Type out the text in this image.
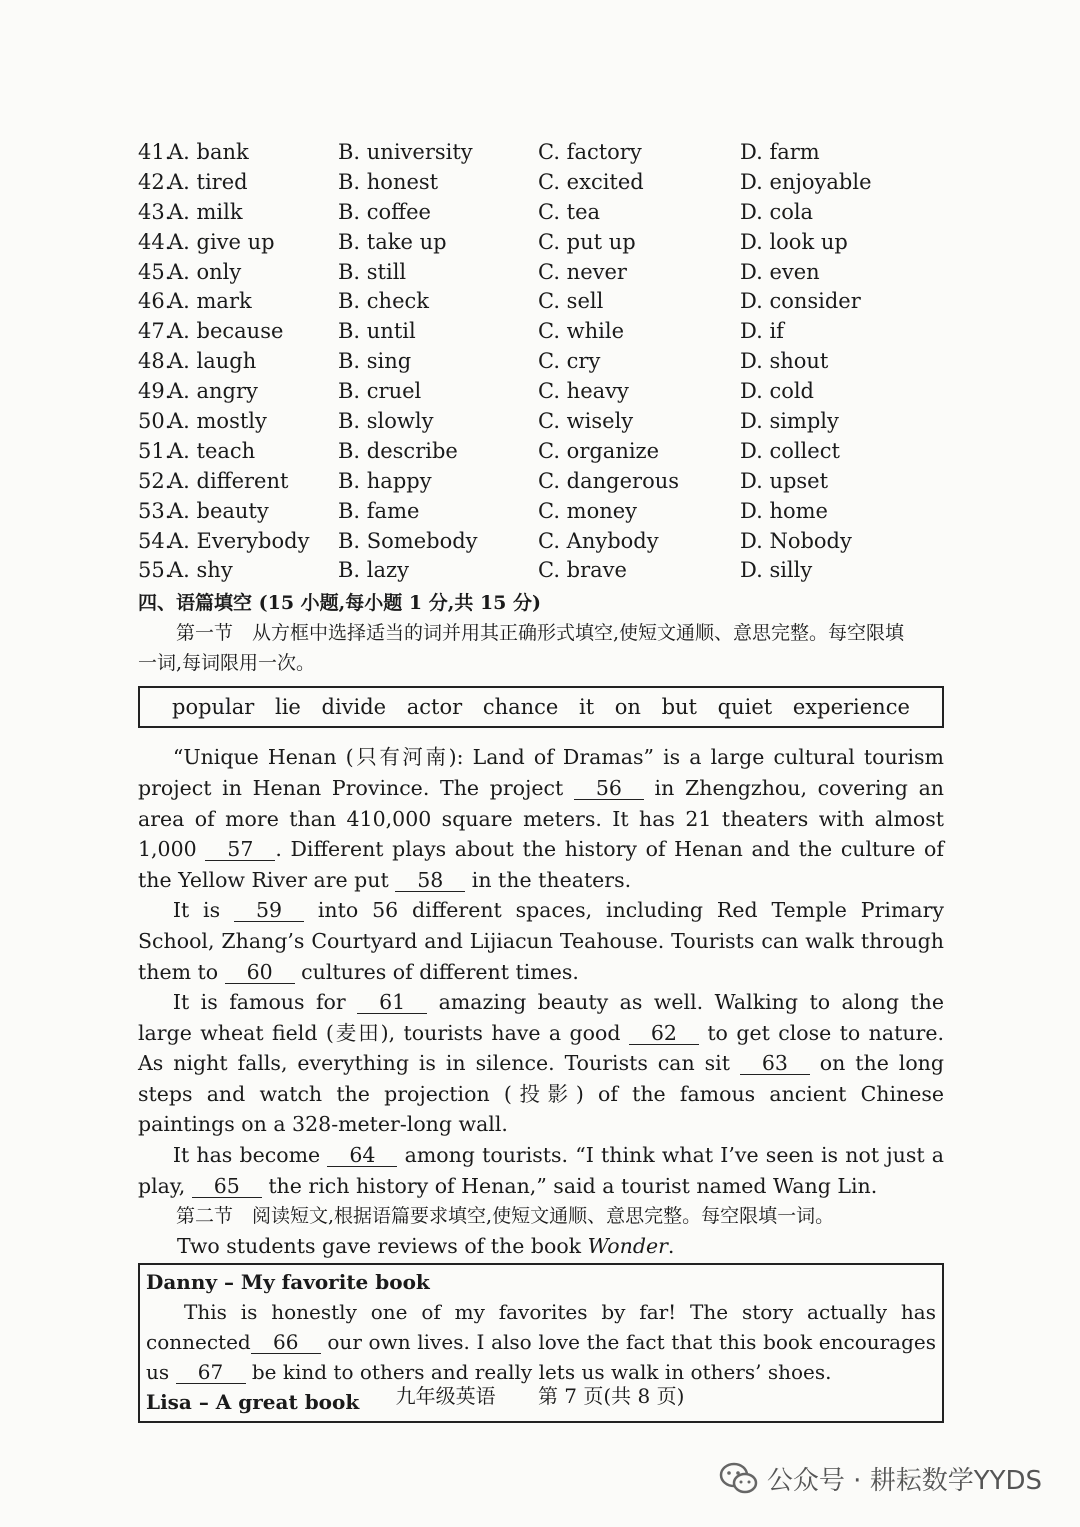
41.
A. bank	B. university	C. factory	D. farm
42.
A. tired	B. honest	C. excited	D. enjoyable
43.
A. milk	B. coffee	C. tea	D. cola
44.
A. give up	B. take up	C. put up	D. look up
45.
A. only	B. still	C. never	D. even
46.
A. mark	B. check	C. sell	D. consider
47.
A. because	B. until	C. while	D. if
48.
A. laugh	B. sing	C. cry	D. shout
49.
A. angry	B. cruel	C. heavy	D. cold
50.
A. mostly	B. slowly	C. wisely	D. simply
51.
A. teach	B. describe	C. organize	D. collect
52.
A. different	B. happy	C. dangerous	D. upset
53.
A. beauty	B. fame	C. money	D. home
54.
A. Everybody	B. Somebody	C. Anybody	D. Nobody
55.
A. shy	B. lazy	C. brave	D. silly
四、语篇填空 (15 小题,每小题 1 分,共 15 分)
第一节　从方框中选择适当的词并用其正确形式填空,使短文通顺、意思完整。每空限填
一词,每词限用一次。
popular lie divide actor chance it on but quiet experience

“Unique Henan (只有河南): Land of Dramas” is a large cultural tourism project in Henan Province. The project 56 in Zhengzhou, covering an area of more than 410,000 square meters. It has 21 theaters with almost 1,000 57 . Different plays about the history of Henan and the culture of the Yellow River are put 58 in the theaters.

It is 59 into 56 different spaces, including Red Temple Primary School, Zhang’s Courtyard and Lijiacun Teahouse. Tourists can walk through them to 60 cultures of different times.

It is famous for 61 amazing beauty as well. Walking to along the large wheat field (麦田), tourists have a good 62 to get close to nature. As night falls, everything is in silence. Tourists can sit 63 on the long steps and watch the projection (投影) of the famous ancient Chinese paintings on a 328-meter-long wall.

It has become 64 among tourists. “I think what I’ve seen is not just a play, 65 the rich history of Henan,” said a tourist named Wang Lin.

第二节　阅读短文,根据语篇要求填空,使短文通顺、意思完整。每空限填一词。
Two students gave reviews of the book Wonder.
Danny – My favorite book
This is honestly one of my favorites by far! The story actually has connected 66 our own lives. I also love the fact that this book encourages us 67 be kind to others and really lets us walk in others’ shoes.
Lisa – A great book	九年级英语 第 7 页(共 8 页)
公众号 · 耕耘数学YYDS
